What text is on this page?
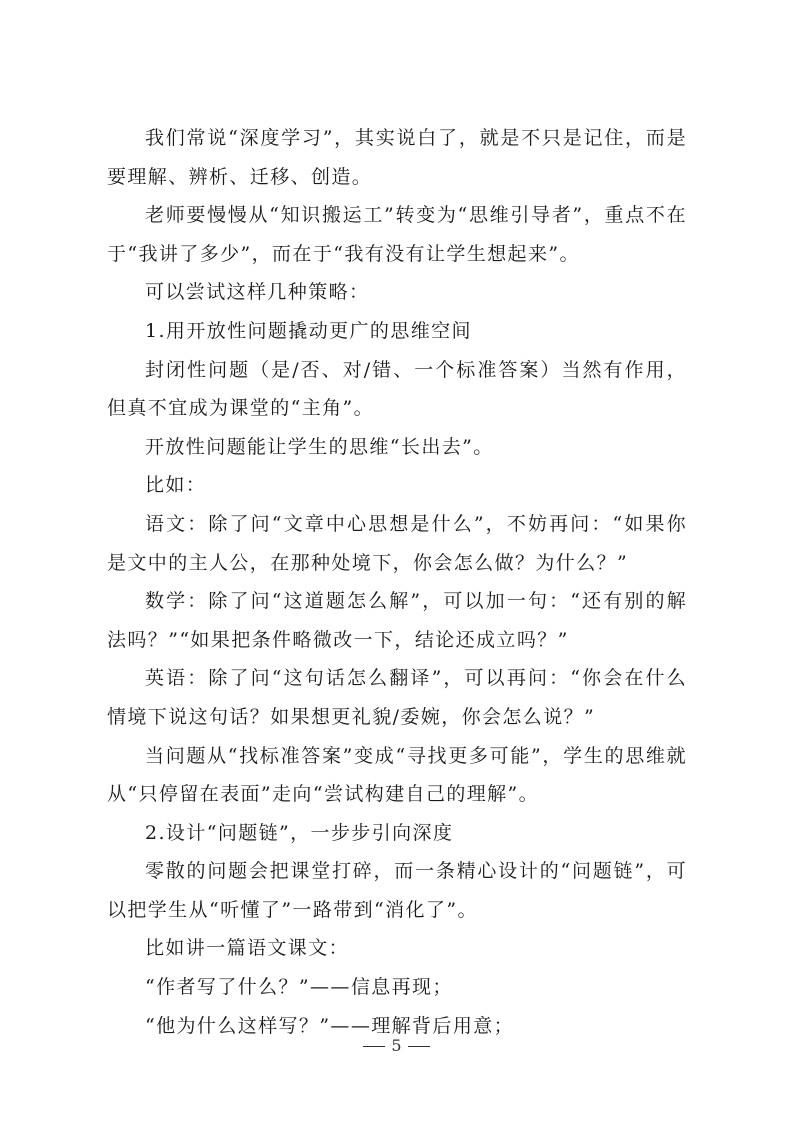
我们常说“深度学习”，其实说白了，就是不只是记住，而是要理解、辨析、迁移、创造。

老师要慢慢从“知识搬运工”转变为“思维引导者”，重点不在于“我讲了多少”，而在于“我有没有让学生想起来”。

可以尝试这样几种策略：

1.用开放性问题撬动更广的思维空间

封闭性问题（是/否、对/错、一个标准答案）当然有作用，但真不宜成为课堂的“主角”。

开放性问题能让学生的思维“长出去”。

比如：

语文：除了问“文章中心思想是什么”，不妨再问：“如果你是文中的主人公，在那种处境下，你会怎么做？为什么？”

数学：除了问“这道题怎么解”，可以加一句：“还有别的解法吗？”“如果把条件略微改一下，结论还成立吗？”

英语：除了问“这句话怎么翻译”，可以再问：“你会在什么情境下说这句话？如果想更礼貌/委婉，你会怎么说？”

当问题从“找标准答案”变成“寻找更多可能”，学生的思维就从“只停留在表面”走向“尝试构建自己的理解”。

2.设计“问题链”，一步步引向深度

零散的问题会把课堂打碎，而一条精心设计的“问题链”，可以把学生从“听懂了”一路带到“消化了”。

比如讲一篇语文课文：

“作者写了什么？”——信息再现；

“他为什么这样写？”——理解背后用意；

5
